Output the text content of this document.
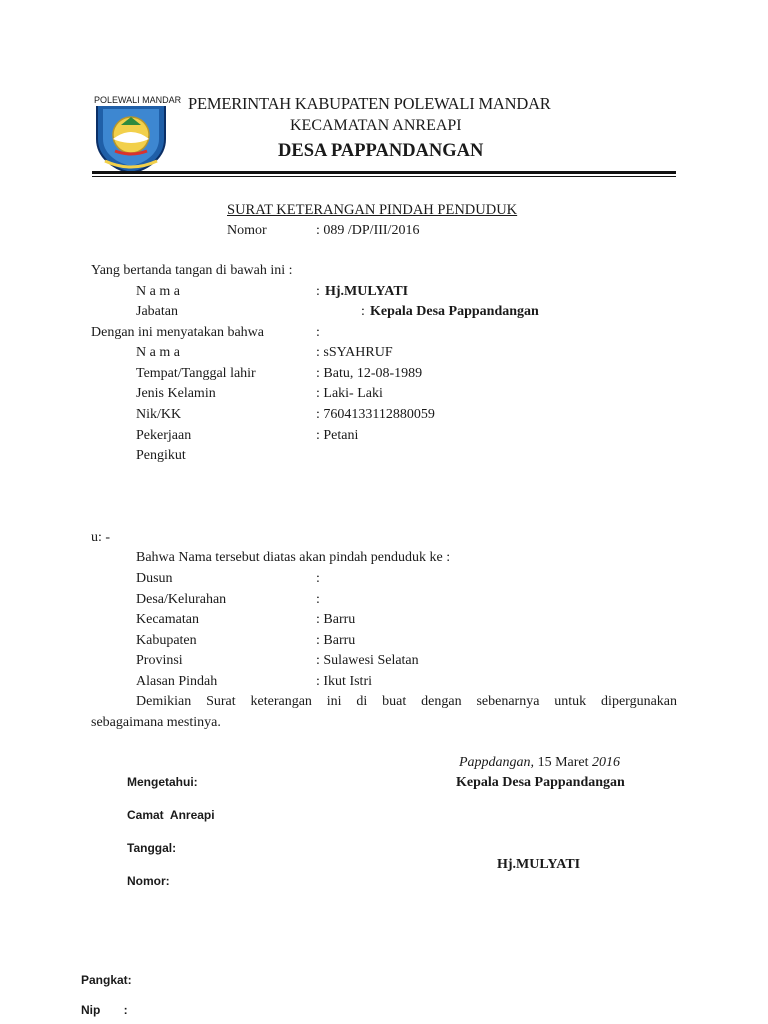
POLEWALI MANDAR PEMERINTAH KABUPATEN POLEWALI MANDAR
KECAMATAN ANREAPI
DESA PAPPANDANGAN
SURAT KETERANGAN PINDAH PENDUDUK
Nomor	: 089 /DP/III/2016
Yang bertanda tangan di bawah ini :
N a m a	: Hj.MULYATI
Jabatan	: Kepala Desa Pappandangan
Dengan ini menyatakan bahwa	:
N a m a	: sSYAHRUF
Tempat/Tanggal lahir	: Batu, 12-08-1989
Jenis Kelamin	: Laki- Laki
Nik/KK	: 7604133112880059
Pekerjaan	: Petani
Pengikut
u: -
Bahwa Nama tersebut diatas akan pindah penduduk ke :
Dusun	:
Desa/Kelurahan	:
Kecamatan	: Barru
Kabupaten	: Barru
Provinsi	: Sulawesi Selatan
Alasan Pindah	: Ikut Istri
Demikian Surat keterangan ini di buat dengan sebenarnya untuk dipergunakan
sebagaimana mestinya.
Pappdangan, 15 Maret 2016
Kepala Desa Pappandangan
Hj.MULYATI
Mengetahui:
Camat  Anreapi
Tanggal:
Nomor:
Pangkat:
Nip       :
